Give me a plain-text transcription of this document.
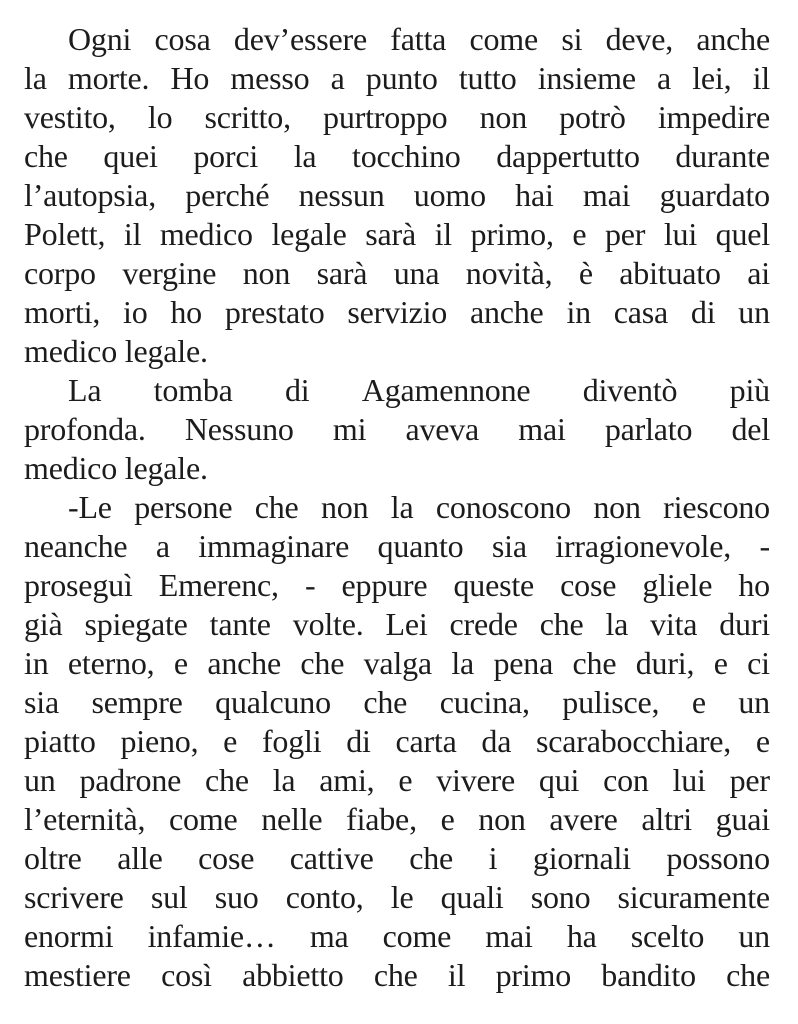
Ogni cosa dev’essere fatta come si deve, anche
la morte. Ho messo a punto tutto insieme a lei, il
vestito, lo scritto, purtroppo non potrò impedire
che quei porci la tocchino dappertutto durante
l’autopsia, perché nessun uomo hai mai guardato
Polett, il medico legale sarà il primo, e per lui quel
corpo vergine non sarà una novità, è abituato ai
morti, io ho prestato servizio anche in casa di un
medico legale.
La tomba di Agamennone diventò più
profonda. Nessuno mi aveva mai parlato del
medico legale.
-Le persone che non la conoscono non riescono
neanche a immaginare quanto sia irragionevole, -
proseguì Emerenc, - eppure queste cose gliele ho
già spiegate tante volte. Lei crede che la vita duri
in eterno, e anche che valga la pena che duri, e ci
sia sempre qualcuno che cucina, pulisce, e un
piatto pieno, e fogli di carta da scarabocchiare, e
un padrone che la ami, e vivere qui con lui per
l’eternità, come nelle fiabe, e non avere altri guai
oltre alle cose cattive che i giornali possono
scrivere sul suo conto, le quali sono sicuramente
enormi infamie… ma come mai ha scelto un
mestiere così abbietto che il primo bandito che
